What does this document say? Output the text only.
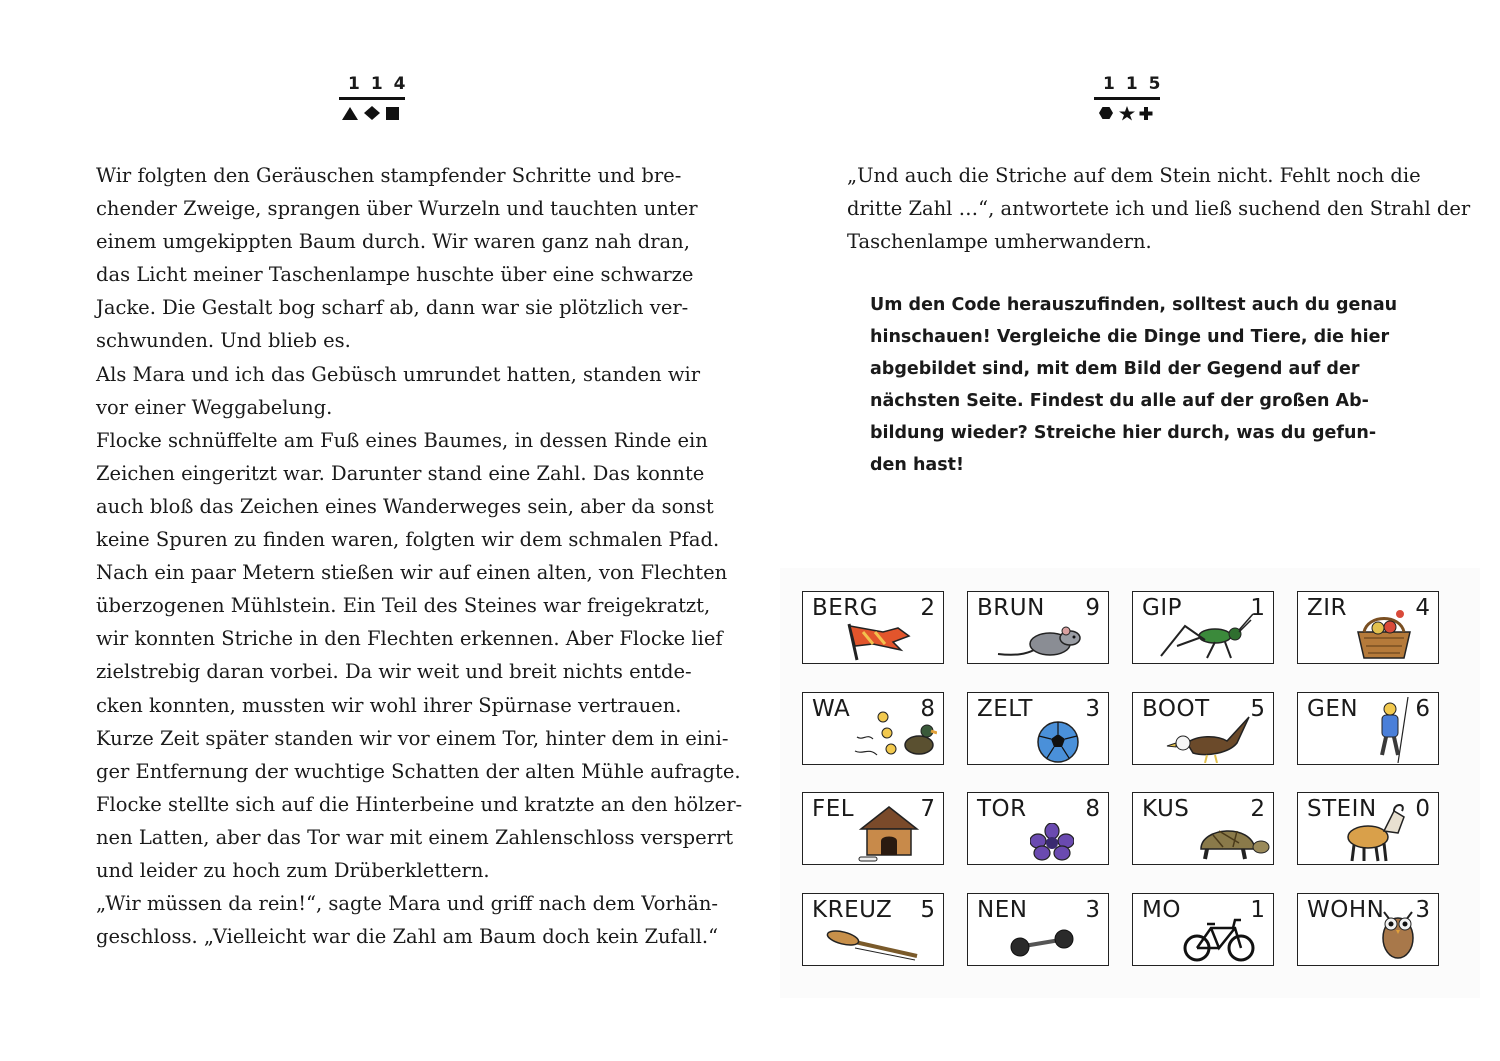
114	115
Wir folgten den Geräuschen stampfender Schritte und bre-
chender Zweige, sprangen über Wurzeln und tauchten unter
einem umgekippten Baum durch. Wir waren ganz nah dran,
das Licht meiner Taschenlampe huschte über eine schwarze
Jacke. Die Gestalt bog scharf ab, dann war sie plötzlich ver-
schwunden. Und blieb es.
Als Mara und ich das Gebüsch umrundet hatten, standen wir
vor einer Weggabelung.
Flocke schnüffelte am Fuß eines Baumes, in dessen Rinde ein
Zeichen eingeritzt war. Darunter stand eine Zahl. Das konnte
auch bloß das Zeichen eines Wanderweges sein, aber da sonst
keine Spuren zu finden waren, folgten wir dem schmalen Pfad.
Nach ein paar Metern stießen wir auf einen alten, von Flechten
überzogenen Mühlstein. Ein Teil des Steines war freigekratzt,
wir konnten Striche in den Flechten erkennen. Aber Flocke lief
zielstrebig daran vorbei. Da wir weit und breit nichts entde-
cken konnten, mussten wir wohl ihrer Spürnase vertrauen.
Kurze Zeit später standen wir vor einem Tor, hinter dem in eini-
ger Entfernung der wuchtige Schatten der alten Mühle aufragte.
Flocke stellte sich auf die Hinterbeine und kratzte an den hölzer-
nen Latten, aber das Tor war mit einem Zahlenschloss versperrt
und leider zu hoch zum Drüberklettern.
„Wir müssen da rein!“, sagte Mara und griff nach dem Vorhän-
geschloss. „Vielleicht war die Zahl am Baum doch kein Zufall.“
„Und auch die Striche auf dem Stein nicht. Fehlt noch die
dritte Zahl …“, antwortete ich und ließ suchend den Strahl der
Taschenlampe umherwandern.
Um den Code herauszufinden, solltest auch du genau
hinschauen! Vergleiche die Dinge und Tiere, die hier
abgebildet sind, mit dem Bild der Gegend auf der
nächsten Seite. Findest du alle auf der großen Ab-
bildung wieder? Streiche hier durch, was du gefun-
den hast!
BERG 2 BRUN 9 GIP	1 ZIR	4
WA	8 ZELT 3 BOOT 5 GEN 6
FEL	7 TOR	8 KUS	2 STEIN 0
KREUZ 5 NEN	3 MO	1 WOHN 3
